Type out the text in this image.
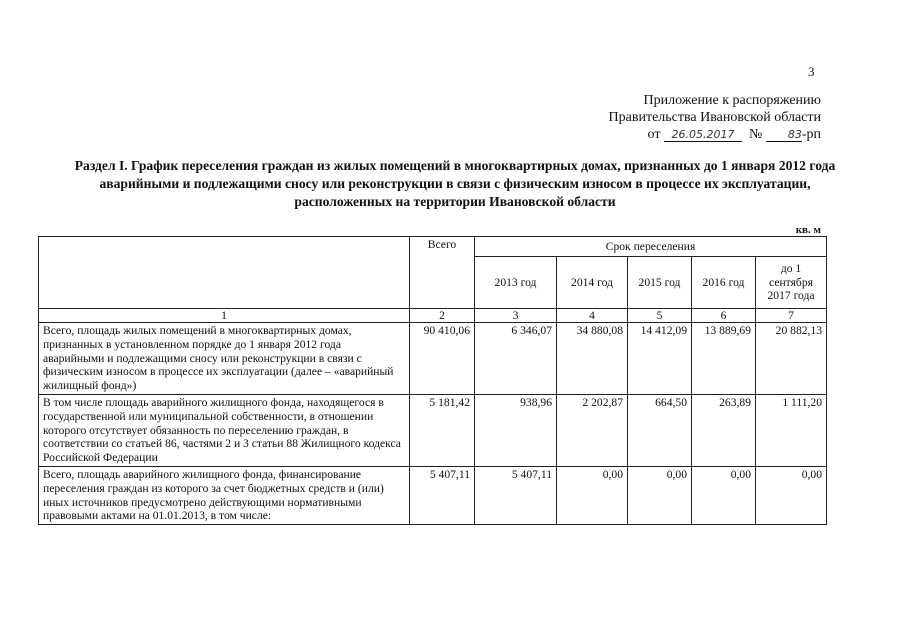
3
Приложение к распоряжению
Правительства Ивановской области
от 26.05.2017 № 83-рп
Раздел I. График переселения граждан из жилых помещений в многоквартирных домах, признанных до 1 января 2012 года аварийными и подлежащими сносу или реконструкции в связи с физическим износом в процессе их эксплуатации, расположенных на территории Ивановской области
кв. м
	Всего	Срок переселения				
		2013 год	2014 год	2015 год	2016 год	до 1 сентября 2017 года
1	2	3	4	5	6	7
Всего, площадь жилых помещений в многоквартирных домах, признанных в установленном порядке до 1 января 2012 года аварийными и подлежащими сносу или реконструкции в связи с физическим износом в процессе их эксплуатации (далее – «аварийный жилищный фонд»)	90 410,06	6 346,07	34 880,08	14 412,09	13 889,69	20 882,13
В том числе площадь аварийного жилищного фонда, находящегося в государственной или муниципальной собственности, в отношении которого отсутствует обязанность по переселению граждан, в соответствии со статьей 86, частями 2 и 3 статьи 88 Жилищного кодекса Российской Федерации	5 181,42	938,96	2 202,87	664,50	263,89	1 111,20
Всего, площадь аварийного жилищного фонда, финансирование переселения граждан из которого за счет бюджетных средств и (или) иных источников предусмотрено действующими нормативными правовыми актами на 01.01.2013, в том числе:	5 407,11	5 407,11	0,00	0,00	0,00	0,00
